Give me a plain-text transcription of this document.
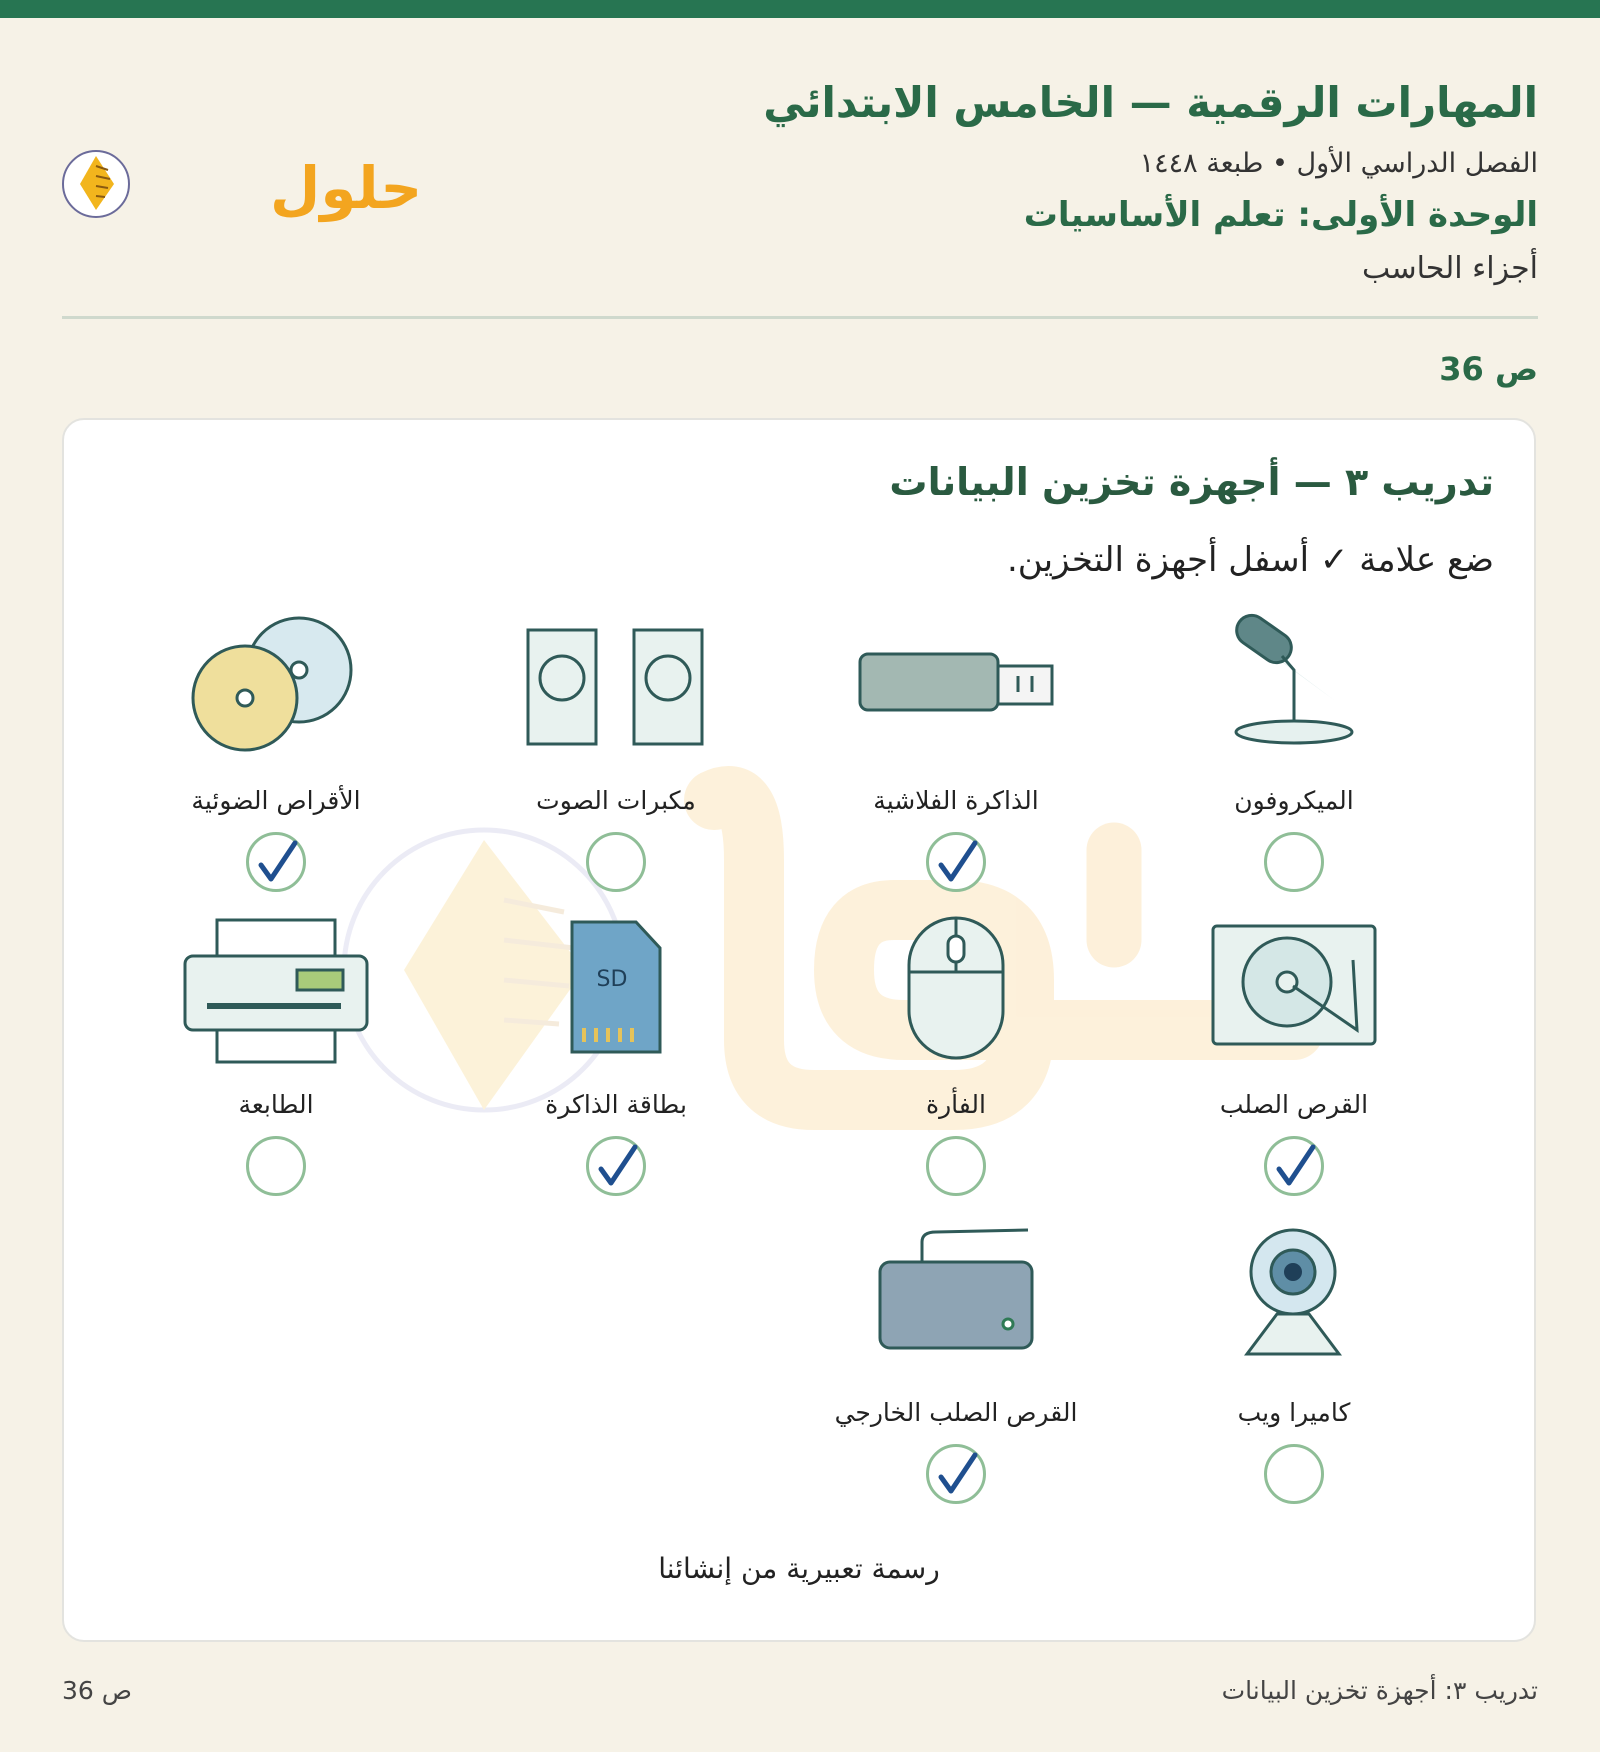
المهارات الرقمية — الخامس الابتدائي
الفصل الدراسي الأول • طبعة ١٤٤٨
الوحدة الأولى: تعلم الأساسيات
أجزاء الحاسب
حلول
ص 36
تدريب ٣ — أجهزة تخزين البيانات
ضع علامة ✓ أسفل أجهزة التخزين.
الميكروفون
الذاكرة الفلاشية
مكبرات الصوت
الأقراص الضوئية
القرص الصلب
الفأرة
SD
بطاقة الذاكرة
الطابعة
كاميرا ويب
القرص الصلب الخارجي
رسمة تعبيرية من إنشائنا
تدريب ٣: أجهزة تخزين البيانات
ص 36
